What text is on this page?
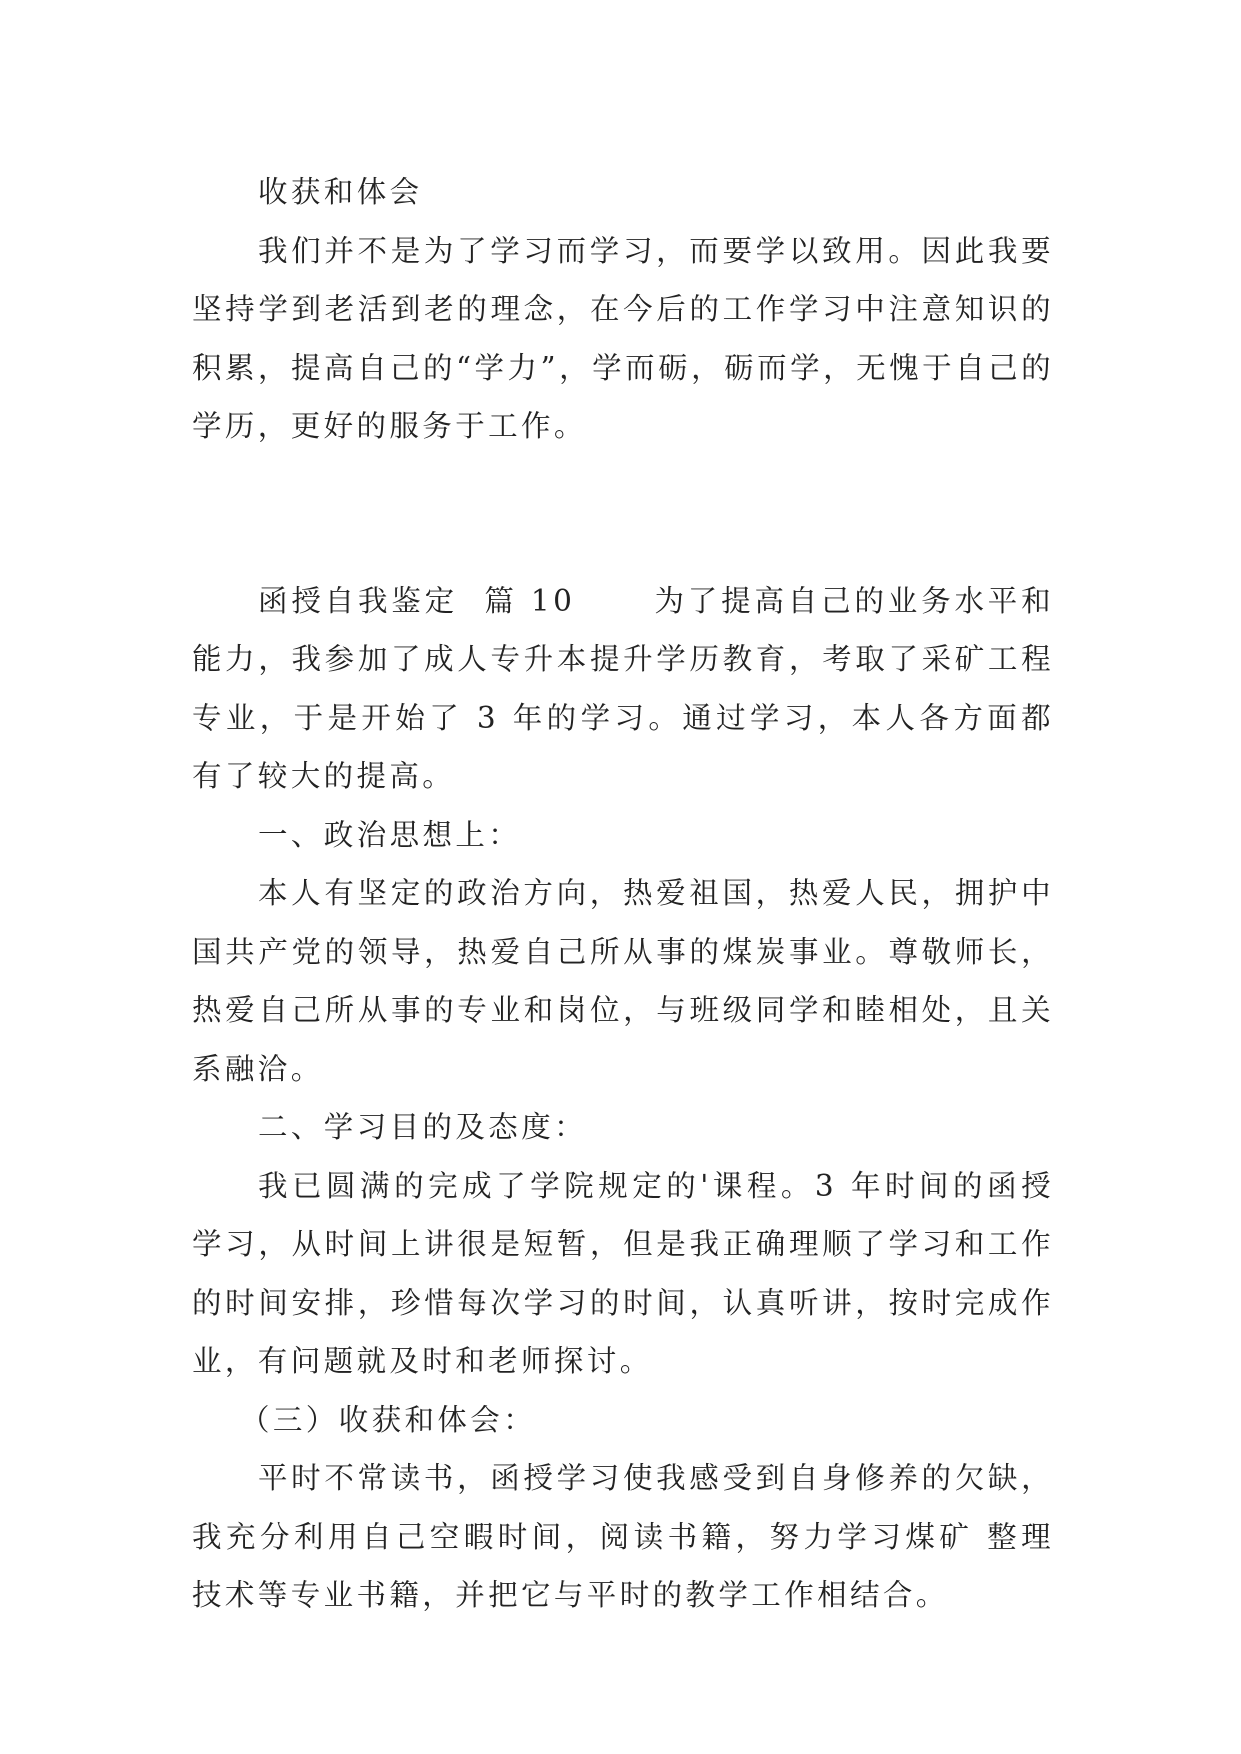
收获和体会

我们并不是为了学习而学习，而要学以致用。因此我要坚持学到老活到老的理念，在今后的工作学习中注意知识的积累，提高自己的“学力”，学而砺，砺而学，无愧于自己的学历，更好的服务于工作。

函授自我鉴定  篇 10      为了提高自己的业务水平和能力，我参加了成人专升本提升学历教育，考取了采矿工程专业，于是开始了 3 年的学习。通过学习，本人各方面都有了较大的提高。

一、政治思想上：

本人有坚定的政治方向，热爱祖国，热爱人民，拥护中国共产党的领导，热爱自己所从事的煤炭事业。尊敬师长，热爱自己所从事的专业和岗位，与班级同学和睦相处，且关系融洽。

二、学习目的及态度：

我已圆满的完成了学院规定的'课程。3 年时间的函授学习，从时间上讲很是短暂，但是我正确理顺了学习和工作的时间安排，珍惜每次学习的时间，认真听讲，按时完成作业，有问题就及时和老师探讨。

（三）收获和体会：

平时不常读书，函授学习使我感受到自身修养的欠缺，我充分利用自己空暇时间，阅读书籍，努力学习煤矿 整理技术等专业书籍，并把它与平时的教学工作相结合。
